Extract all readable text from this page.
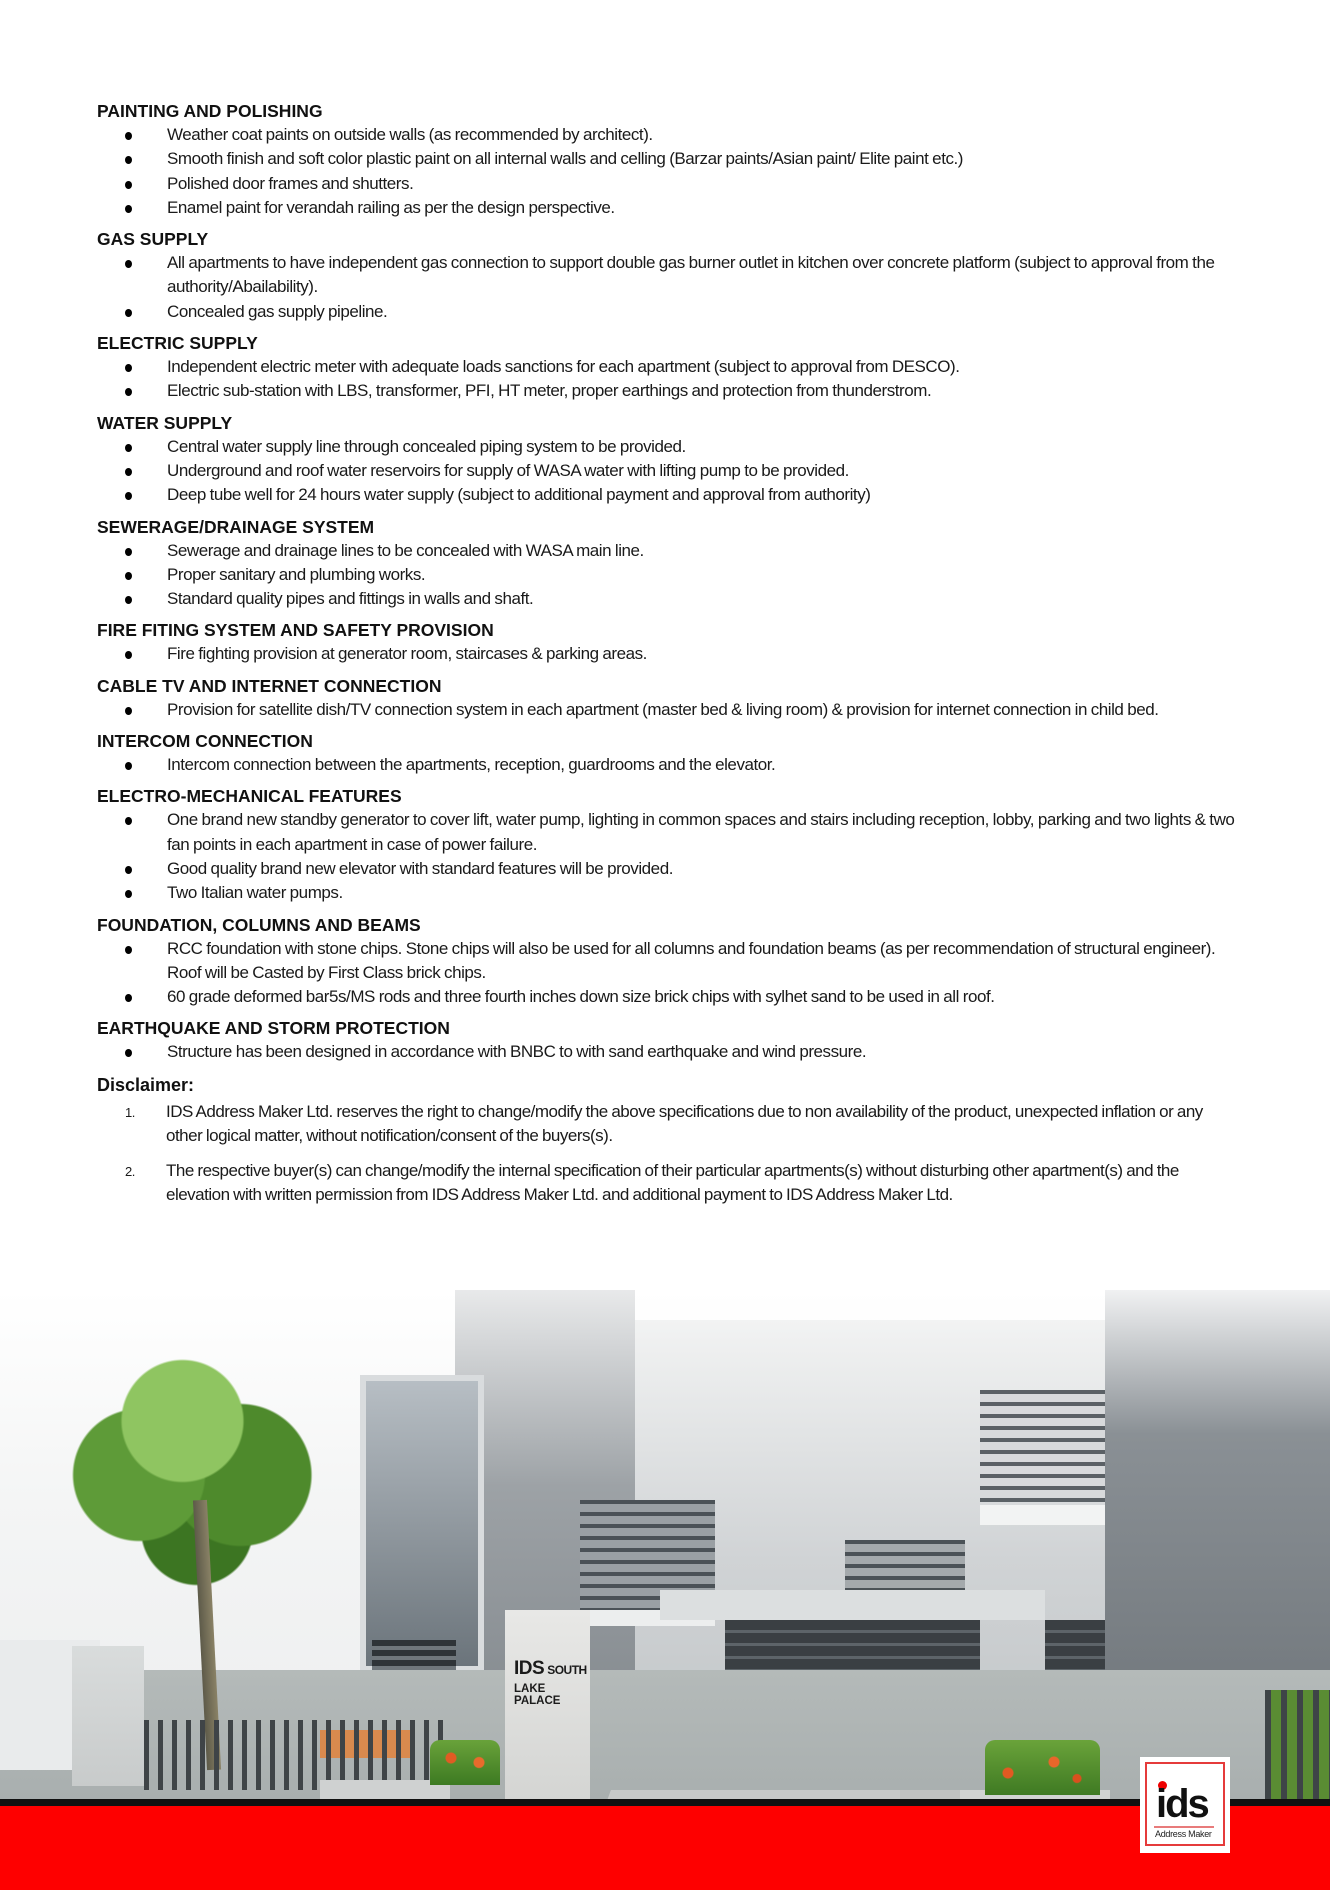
PAINTING AND POLISHING
Weather coat paints on outside walls (as recommended by architect).
Smooth finish and soft color plastic paint on all internal walls and celling (Barzar paints/Asian paint/ Elite paint etc.)
Polished door frames and shutters.
Enamel paint for verandah railing as per the design perspective.
GAS SUPPLY
All apartments to have independent gas connection to support double gas burner outlet in kitchen over concrete platform (subject to approval from the authority/Abailability).
Concealed gas supply pipeline.
ELECTRIC SUPPLY
Independent electric meter with adequate loads sanctions for each apartment (subject to approval from DESCO).
Electric sub-station with LBS, transformer, PFI, HT meter, proper earthings and protection from thunderstrom.
WATER SUPPLY
Central water supply line through concealed piping system to be provided.
Underground and roof water reservoirs for supply of WASA water with lifting pump to be provided.
Deep tube well for 24 hours water supply (subject to additional payment and approval from authority)
SEWERAGE/DRAINAGE SYSTEM
Sewerage and drainage lines to be concealed with WASA main line.
Proper sanitary and plumbing works.
Standard quality pipes and fittings in walls and shaft.
FIRE FITING SYSTEM AND SAFETY PROVISION
Fire fighting provision at generator room, staircases & parking areas.
CABLE TV AND INTERNET CONNECTION
Provision for satellite dish/TV connection system in each apartment (master bed & living room) & provision for internet connection in child bed.
INTERCOM CONNECTION
Intercom connection between the apartments, reception, guardrooms and the elevator.
ELECTRO-MECHANICAL FEATURES
One brand new standby generator to cover lift, water pump, lighting in common spaces and stairs including reception, lobby, parking and two lights & two fan points in each apartment in case of power failure.
Good quality brand new elevator with standard features will be provided.
Two Italian water pumps.
FOUNDATION, COLUMNS AND BEAMS
RCC foundation with stone chips. Stone chips will also be used for all columns and foundation beams (as per recommendation of structural engineer). Roof will be Casted by First Class brick chips.
60 grade deformed bar5s/MS rods and three fourth inches down size brick chips with sylhet sand to be used in all roof.
EARTHQUAKE AND STORM PROTECTION
Structure has been designed in accordance with BNBC to with sand earthquake and wind pressure.
Disclaimer:
1. IDS Address Maker Ltd. reserves the right to change/modify the above specifications due to non availability of the product, unexpected inflation or any other logical matter, without notification/consent of the buyers(s).
2. The respective buyer(s) can change/modify the internal specification of their particular apartments(s) without disturbing other apartment(s) and the elevation with written permission from IDS Address Maker Ltd. and additional payment to IDS Address Maker Ltd.
IDS SOUTH
LAKE PALACE
ids
Address Maker
